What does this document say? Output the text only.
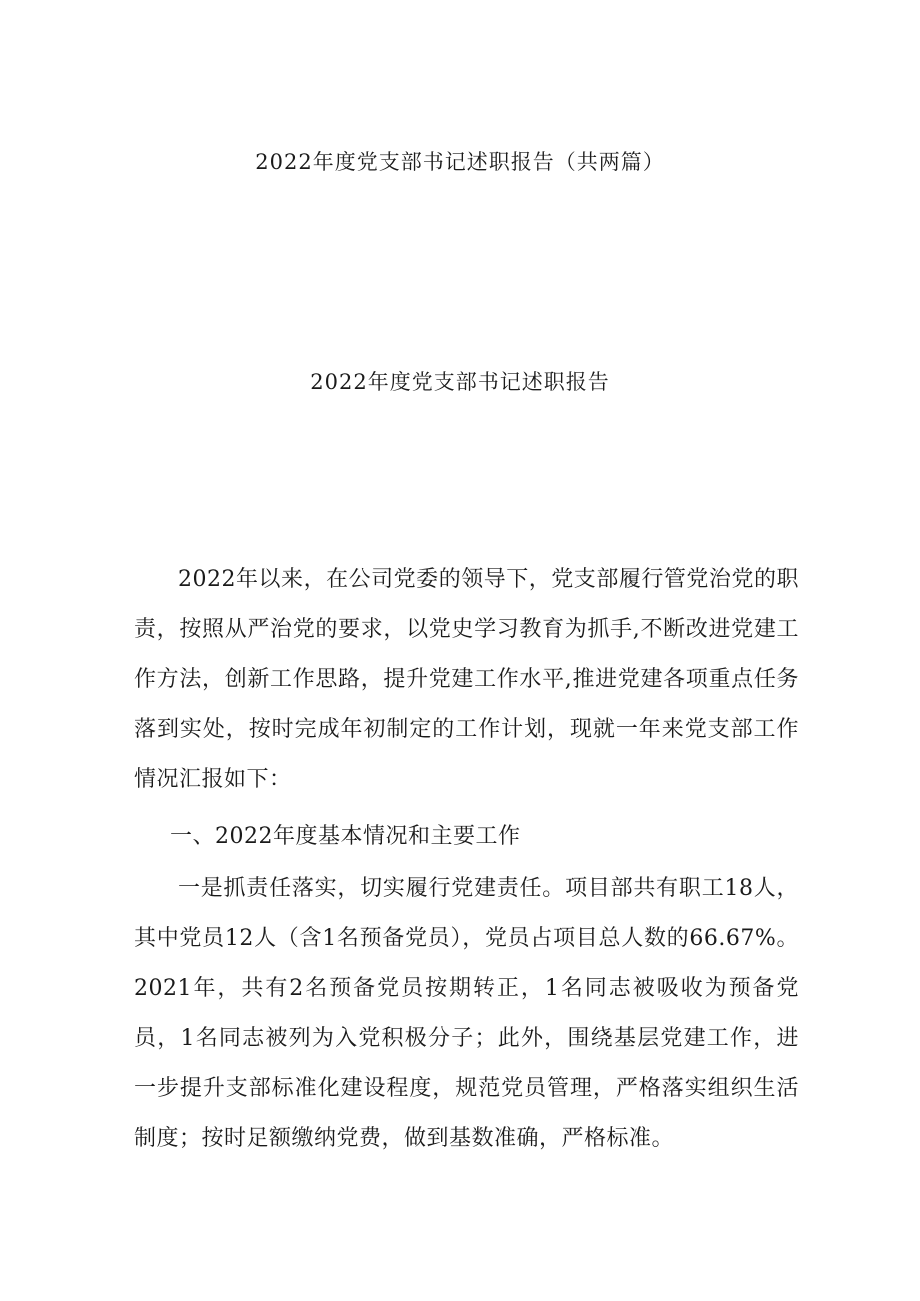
2022年度党支部书记述职报告（共两篇）
2022年度党支部书记述职报告

2022年以来，在公司党委的领导下，党支部履行管党治党的职责，按照从严治党的要求，以党史学习教育为抓手,不断改进党建工作方法，创新工作思路，提升党建工作水平,推进党建各项重点任务落到实处，按时完成年初制定的工作计划，现就一年来党支部工作情况汇报如下：

一、2022年度基本情况和主要工作

一是抓责任落实，切实履行党建责任。项目部共有职工18人，其中党员12人（含1名预备党员），党员占项目总人数的66.67%。2021年，共有2名预备党员按期转正，1名同志被吸收为预备党员，1名同志被列为入党积极分子；此外，围绕基层党建工作，进一步提升支部标准化建设程度，规范党员管理，严格落实组织生活制度；按时足额缴纳党费，做到基数准确，严格标准。
